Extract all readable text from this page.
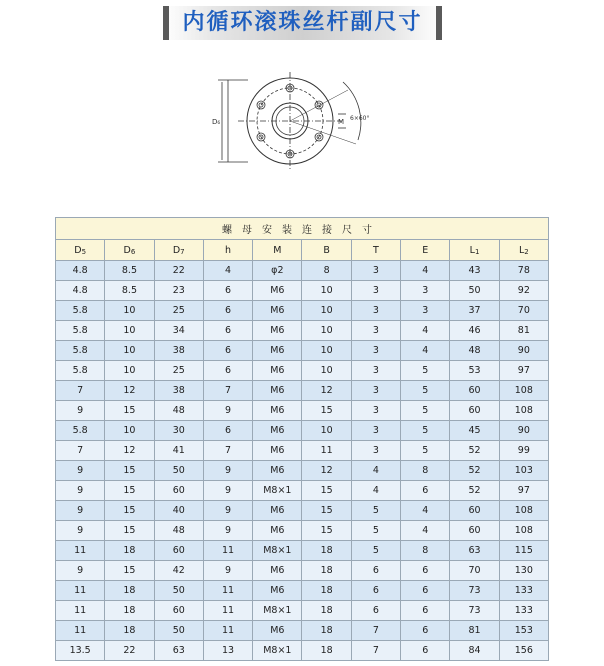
内循环滚珠丝杆副尺寸
D₆	M 6×60°
螺母安装连接尺寸									
D5	D6	D7	h	M	B	T	E	L1	L2
4.8	8.5	22	4	φ2	8	3	4	43	78
4.8	8.5	23	6	M6	10	3	3	50	92
5.8	10	25	6	M6	10	3	3	37	70
5.8	10	34	6	M6	10	3	4	46	81
5.8	10	38	6	M6	10	3	4	48	90
5.8	10	25	6	M6	10	3	5	53	97
7	12	38	7	M6	12	3	5	60	108
9	15	48	9	M6	15	3	5	60	108
5.8	10	30	6	M6	10	3	5	45	90
7	12	41	7	M6	11	3	5	52	99
9	15	50	9	M6	12	4	8	52	103
9	15	60	9	M8×1	15	4	6	52	97
9	15	40	9	M6	15	5	4	60	108
9	15	48	9	M6	15	5	4	60	108
11	18	60	11	M8×1	18	5	8	63	115
9	15	42	9	M6	18	6	6	70	130
11	18	50	11	M6	18	6	6	73	133
11	18	60	11	M8×1	18	6	6	73	133
11	18	50	11	M6	18	7	6	81	153
13.5	22	63	13	M8×1	18	7	6	84	156
